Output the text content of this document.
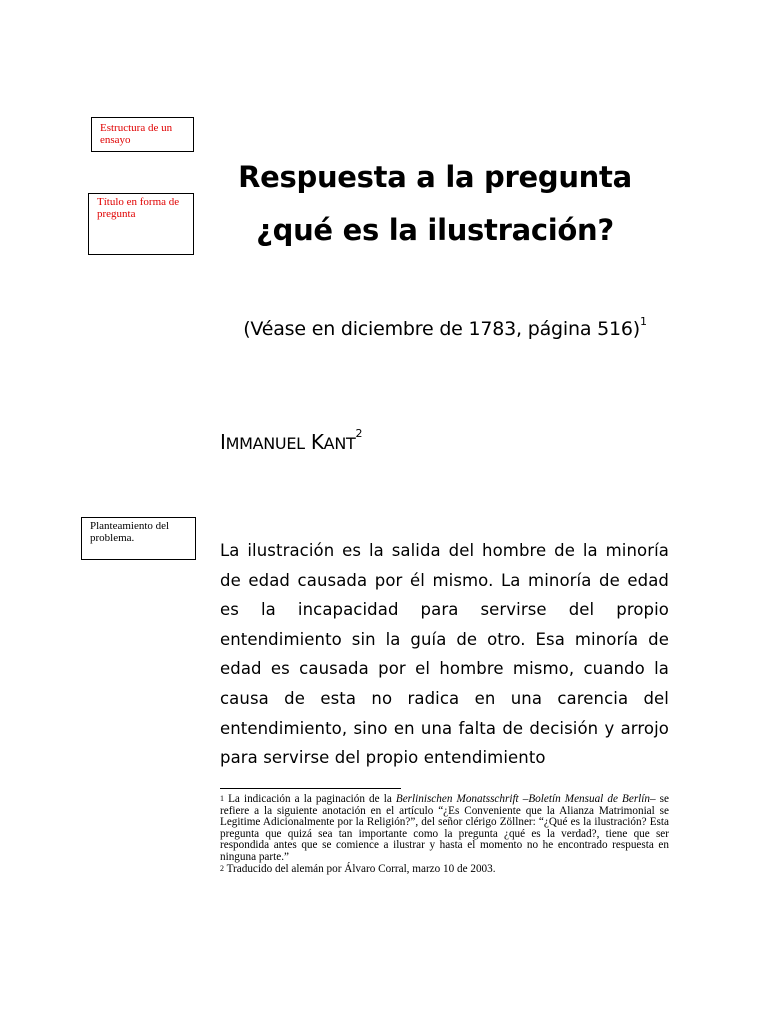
Estructura de un ensayo
Título en forma de pregunta
Planteamiento del problema.
Respuesta a la pregunta
¿qué es la ilustración?
(Véase en diciembre de 1783, página 516)$^1$
IMMANUEL KANT$^2$
La ilustración es la salida del hombre de la minoría de edad causada por él mismo. La minoría de edad es la incapacidad para servirse del propio entendimiento sin la guía de otro. Esa minoría de edad es causada por el hombre mismo, cuando la causa de esta no radica en una carencia del entendimiento, sino en una falta de decisión y arrojo para servirse del propio entendimiento

$^1$ La indicación a la paginación de la Berlinischen Monatsschrift –Boletín Mensual de Berlín– se refiere a la siguiente anotación en el artículo “¿Es Conveniente que la Alianza Matrimonial se Legitime Adicionalmente por la Religión?”, del señor clérigo Zöllner: “¿Qué es la ilustración? Esta pregunta que quizá sea tan importante como la pregunta ¿qué es la verdad?, tiene que ser respondida antes que se comience a ilustrar y hasta el momento no he encontrado respuesta en ninguna parte.”

$^2$ Traducido del alemán por Álvaro Corral, marzo 10 de 2003.
